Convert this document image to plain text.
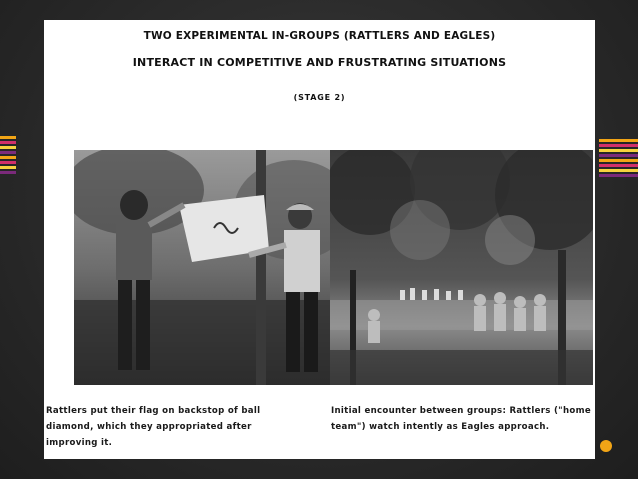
TWO EXPERIMENTAL IN-GROUPS (RATTLERS AND EAGLES)
INTERACT IN COMPETITIVE AND FRUSTRATING SITUATIONS
(STAGE 2)
Rattlers put their flag on backstop of ball diamond, which they appropriated after improving it.
Initial encounter between groups: Rattlers ("home team") watch intently as Eagles approach.
